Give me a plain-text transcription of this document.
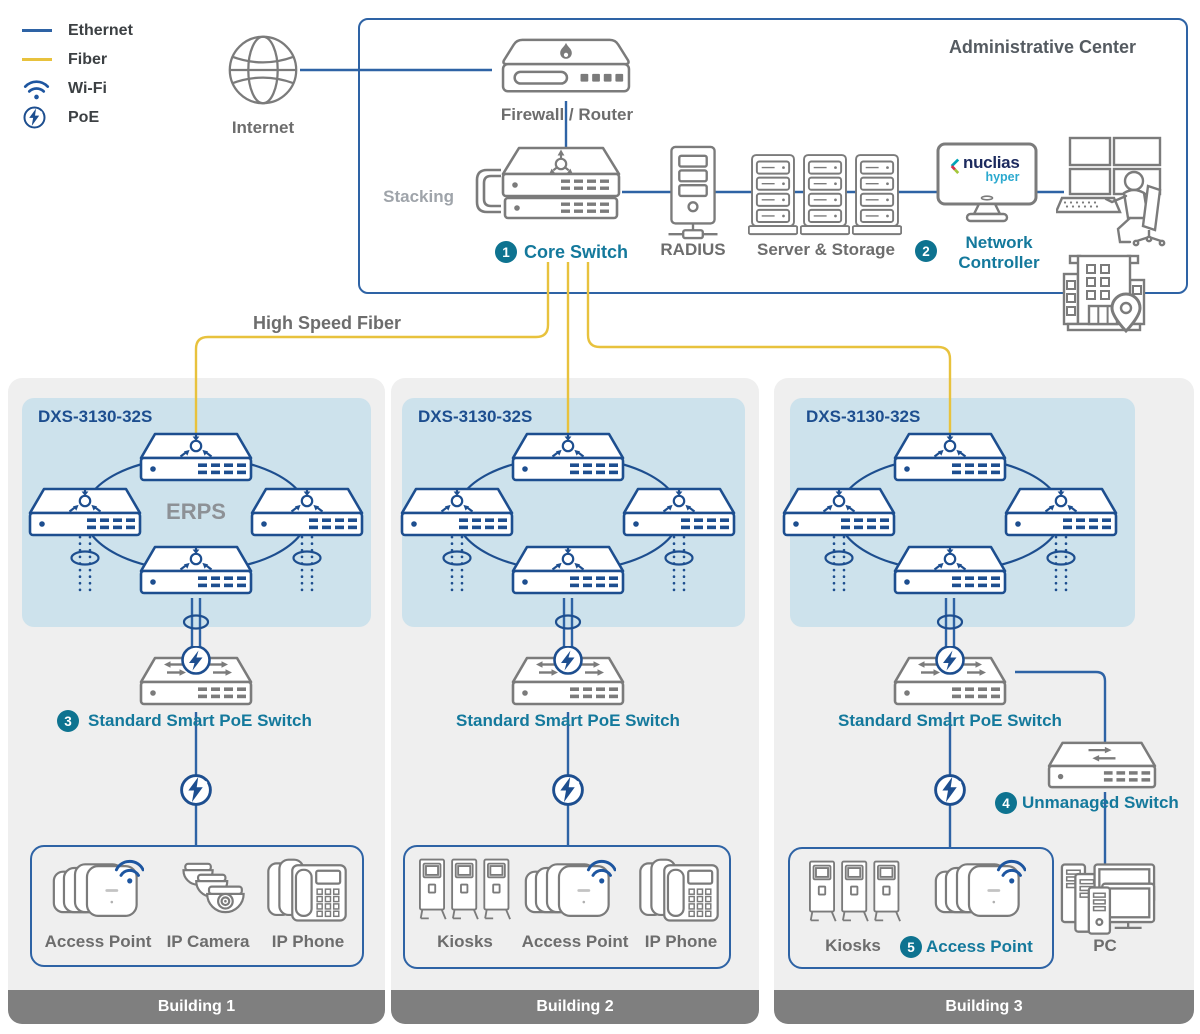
Ethernet
Fiber
Wi-Fi
PoE
Internet
Administrative Center
Firewall / Router
Stacking
1 Core Switch	RADIUS	Server & Storage
nuclias
hyper
2	Network
Controller
High Speed Fiber
DXS-3130-32S
ERPS
3 Standard Smart PoE Switch
Access Point IP Camera	IP Phone
Building 1
DXS-3130-32S
Standard Smart PoE Switch
Kiosks	Access Point IP Phone
Building 2
DXS-3130-32S
Standard Smart PoE Switch
4 Unmanaged Switch
Kiosks	5 Access Point	PC
Building 3
